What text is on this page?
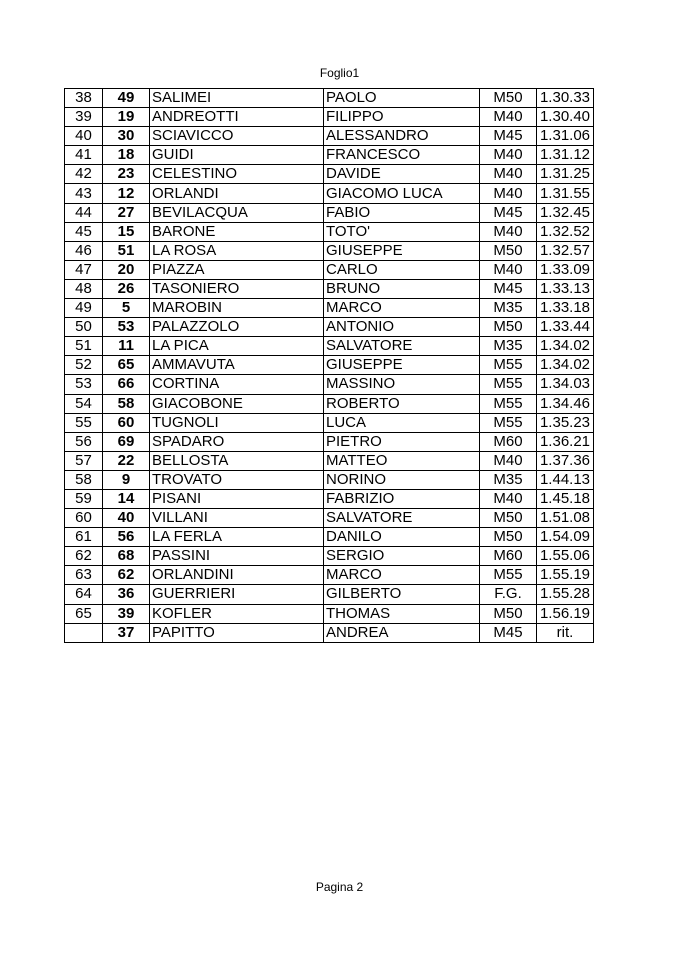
Foglio1
38	49	SALIMEI	PAOLO	M50	1.30.33
39	19	ANDREOTTI	FILIPPO	M40	1.30.40
40	30	SCIAVICCO	ALESSANDRO	M45	1.31.06
41	18	GUIDI	FRANCESCO	M40	1.31.12
42	23	CELESTINO	DAVIDE	M40	1.31.25
43	12	ORLANDI	GIACOMO LUCA	M40	1.31.55
44	27	BEVILACQUA	FABIO	M45	1.32.45
45	15	BARONE	TOTO'	M40	1.32.52
46	51	LA ROSA	GIUSEPPE	M50	1.32.57
47	20	PIAZZA	CARLO	M40	1.33.09
48	26	TASONIERO	BRUNO	M45	1.33.13
49	5	MAROBIN	MARCO	M35	1.33.18
50	53	PALAZZOLO	ANTONIO	M50	1.33.44
51	11	LA PICA	SALVATORE	M35	1.34.02
52	65	AMMAVUTA	GIUSEPPE	M55	1.34.02
53	66	CORTINA	MASSINO	M55	1.34.03
54	58	GIACOBONE	ROBERTO	M55	1.34.46
55	60	TUGNOLI	LUCA	M55	1.35.23
56	69	SPADARO	PIETRO	M60	1.36.21
57	22	BELLOSTA	MATTEO	M40	1.37.36
58	9	TROVATO	NORINO	M35	1.44.13
59	14	PISANI	FABRIZIO	M40	1.45.18
60	40	VILLANI	SALVATORE	M50	1.51.08
61	56	LA FERLA	DANILO	M50	1.54.09
62	68	PASSINI	SERGIO	M60	1.55.06
63	62	ORLANDINI	MARCO	M55	1.55.19
64	36	GUERRIERI	GILBERTO	F.G.	1.55.28
65	39	KOFLER	THOMAS	M50	1.56.19
	37	PAPITTO	ANDREA	M45	rit.
Pagina 2
